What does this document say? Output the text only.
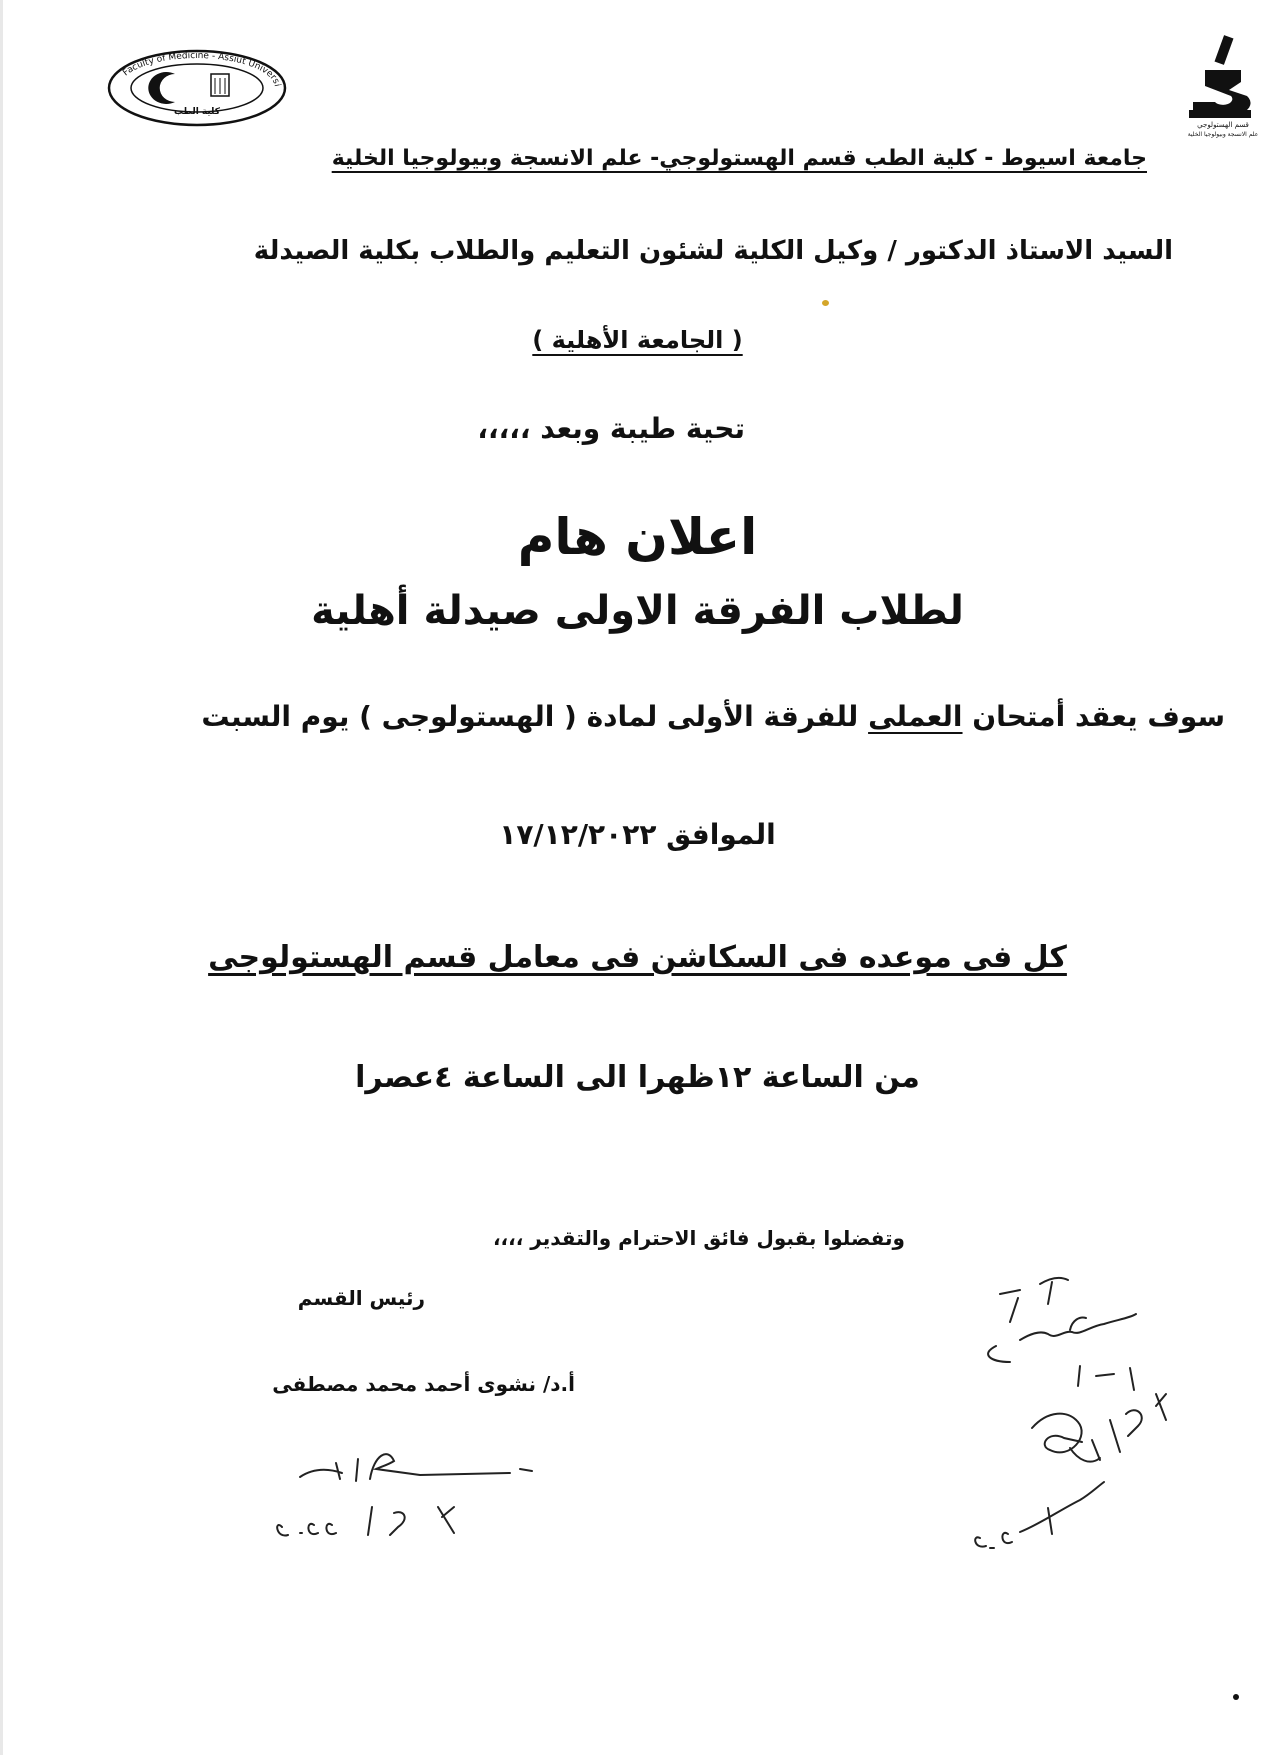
Faculty of Medicine - Assiut Universi
كلية الطب
قسم الهستولوجي
علم الانسجة وبيولوجيا الخلية
جامعة اسيوط - كلية الطب قسم الهستولوجي- علم الانسجة وبيولوجيا الخلية
السيد الاستاذ الدكتور / وكيل الكلية لشئون التعليم والطلاب بكلية الصيدلة
( الجامعة الأهلية )
تحية طيبة وبعد ،،،،،
اعلان هام
لطلاب الفرقة الاولى صيدلة أهلية
سوف يعقد أمتحان العملى للفرقة الأولى لمادة ( الهستولوجى ) يوم السبت
الموافق ١٧/١٢/٢٠٢٢
كل فى موعده فى السكاشن فى معامل قسم الهستولوجى
من الساعة ١٢ظهرا الى الساعة ٤عصرا
وتفضلوا بقبول فائق الاحترام والتقدير ،،،،
رئيس القسم
أ.د/ نشوى أحمد محمد مصطفى
